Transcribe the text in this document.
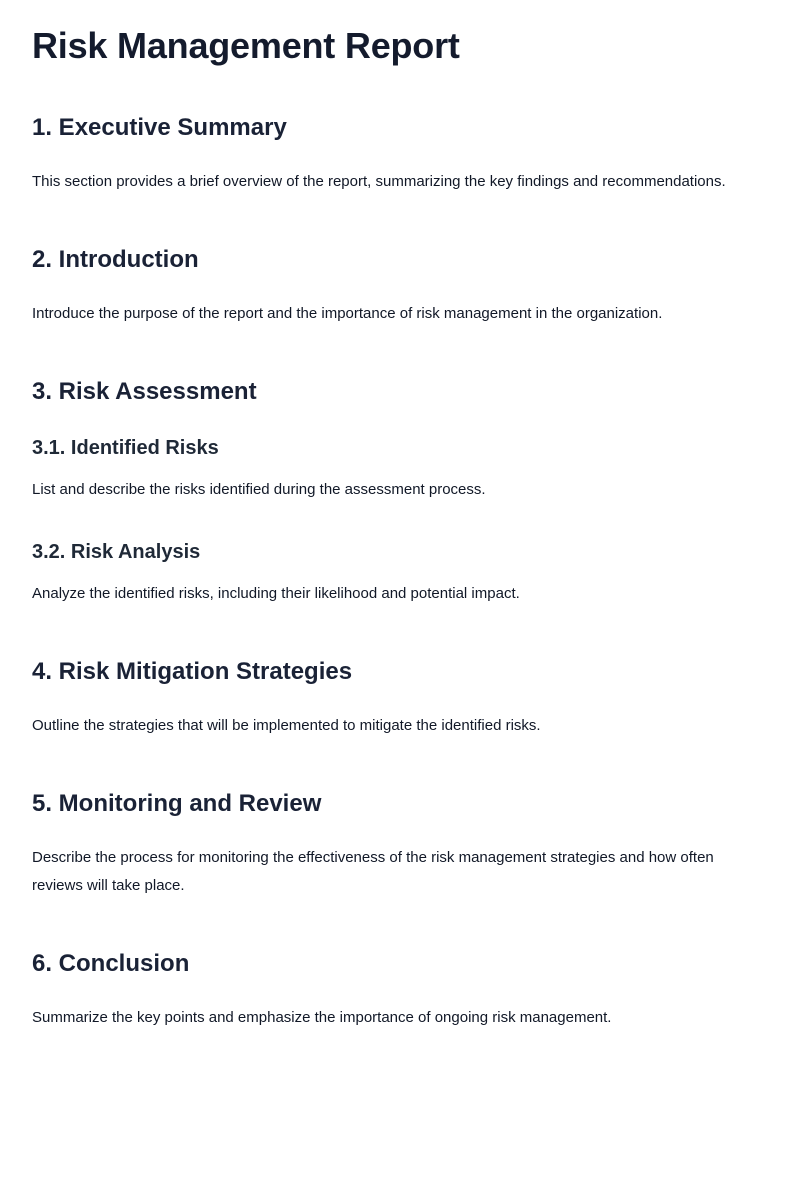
Risk Management Report
1. Executive Summary

This section provides a brief overview of the report, summarizing the key findings and recommendations.

2. Introduction

Introduce the purpose of the report and the importance of risk management in the organization.

3. Risk Assessment
3.1. Identified Risks

List and describe the risks identified during the assessment process.

3.2. Risk Analysis

Analyze the identified risks, including their likelihood and potential impact.

4. Risk Mitigation Strategies

Outline the strategies that will be implemented to mitigate the identified risks.

5. Monitoring and Review

Describe the process for monitoring the effectiveness of the risk management strategies and how often reviews will take place.

6. Conclusion

Summarize the key points and emphasize the importance of ongoing risk management.
